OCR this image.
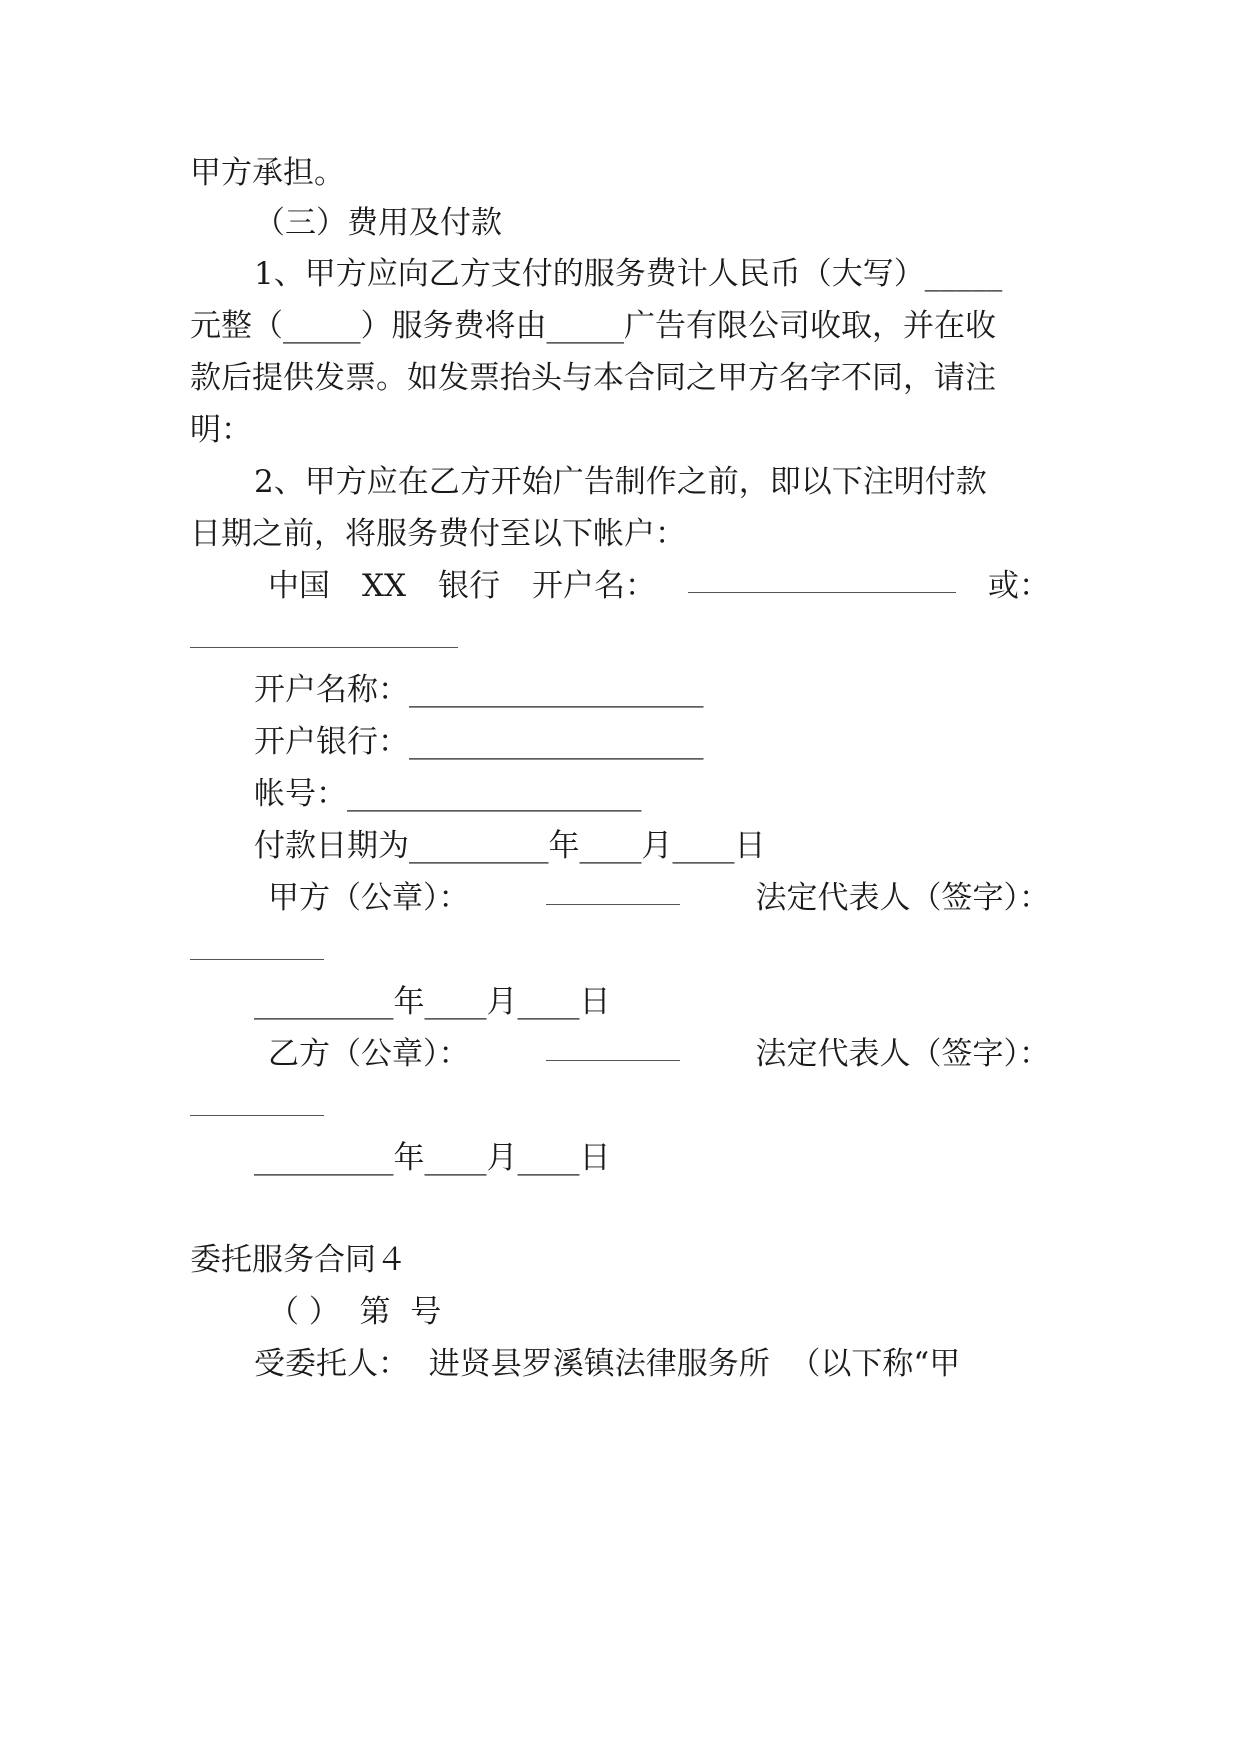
甲方承担。
（三）费用及付款
1、甲方应向乙方支付的服务费计人民币（大写）_____
元整（_____）服务费将由_____广告有限公司收取，并在收
款后提供发票。如发票抬头与本合同之甲方名字不同，请注
明：
2、甲方应在乙方开始广告制作之前，即以下注明付款
日期之前，将服务费付至以下帐户：
中国 XX 银行 开户名：	或：
开户名称：___________________
开户银行：___________________
帐号：___________________
付款日期为_________年____月____日
甲方（公章）：	法定代表人（签字）：
_________年____月____日
乙方（公章）：	法定代表人（签字）：
_________年____月____日
委托服务合同４
（ ）  第  号
受委托人：  进贤县罗溪镇法律服务所  （以下称“甲
